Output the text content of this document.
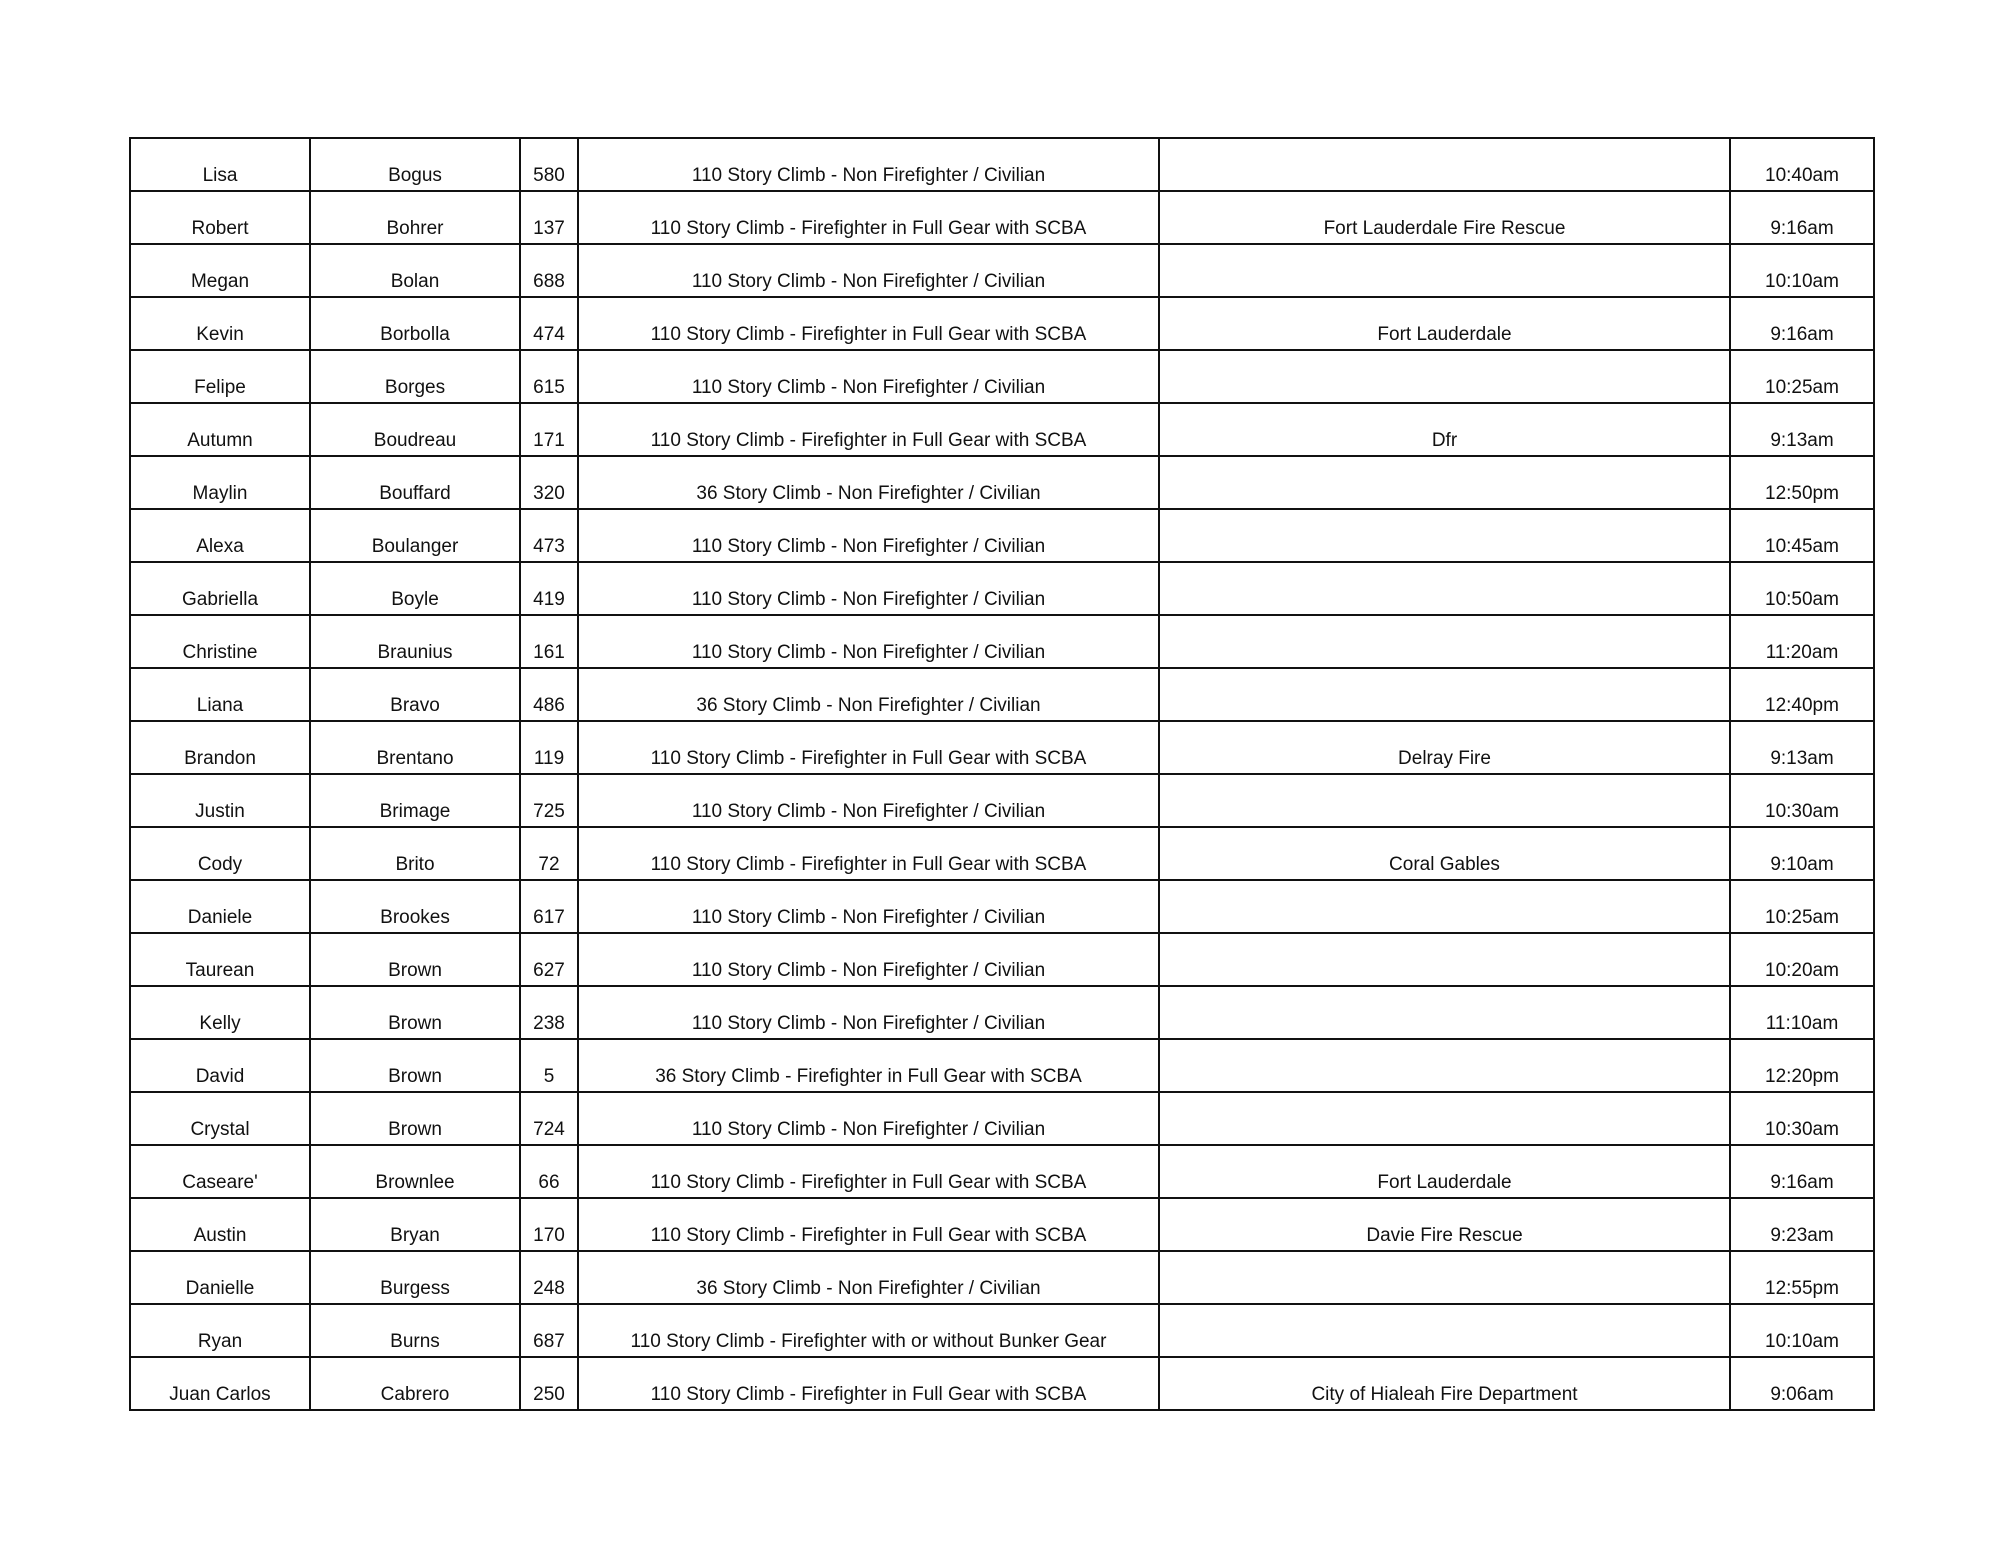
Lisa	Bogus	580	110 Story Climb - Non Firefighter / Civilian		10:40am
Robert	Bohrer	137	110 Story Climb - Firefighter in Full Gear with SCBA	Fort Lauderdale Fire Rescue	9:16am
Megan	Bolan	688	110 Story Climb - Non Firefighter / Civilian		10:10am
Kevin	Borbolla	474	110 Story Climb - Firefighter in Full Gear with SCBA	Fort Lauderdale	9:16am
Felipe	Borges	615	110 Story Climb - Non Firefighter / Civilian		10:25am
Autumn	Boudreau	171	110 Story Climb - Firefighter in Full Gear with SCBA	Dfr	9:13am
Maylin	Bouffard	320	36 Story Climb - Non Firefighter / Civilian		12:50pm
Alexa	Boulanger	473	110 Story Climb - Non Firefighter / Civilian		10:45am
Gabriella	Boyle	419	110 Story Climb - Non Firefighter / Civilian		10:50am
Christine	Braunius	161	110 Story Climb - Non Firefighter / Civilian		11:20am
Liana	Bravo	486	36 Story Climb - Non Firefighter / Civilian		12:40pm
Brandon	Brentano	119	110 Story Climb - Firefighter in Full Gear with SCBA	Delray Fire	9:13am
Justin	Brimage	725	110 Story Climb - Non Firefighter / Civilian		10:30am
Cody	Brito	72	110 Story Climb - Firefighter in Full Gear with SCBA	Coral Gables	9:10am
Daniele	Brookes	617	110 Story Climb - Non Firefighter / Civilian		10:25am
Taurean	Brown	627	110 Story Climb - Non Firefighter / Civilian		10:20am
Kelly	Brown	238	110 Story Climb - Non Firefighter / Civilian		11:10am
David	Brown	5	36 Story Climb - Firefighter in Full Gear with SCBA		12:20pm
Crystal	Brown	724	110 Story Climb - Non Firefighter / Civilian		10:30am
Caseare'	Brownlee	66	110 Story Climb - Firefighter in Full Gear with SCBA	Fort Lauderdale	9:16am
Austin	Bryan	170	110 Story Climb - Firefighter in Full Gear with SCBA	Davie Fire Rescue	9:23am
Danielle	Burgess	248	36 Story Climb - Non Firefighter / Civilian		12:55pm
Ryan	Burns	687	110 Story Climb - Firefighter with or without Bunker Gear		10:10am
Juan Carlos	Cabrero	250	110 Story Climb - Firefighter in Full Gear with SCBA	City of Hialeah Fire Department	9:06am
